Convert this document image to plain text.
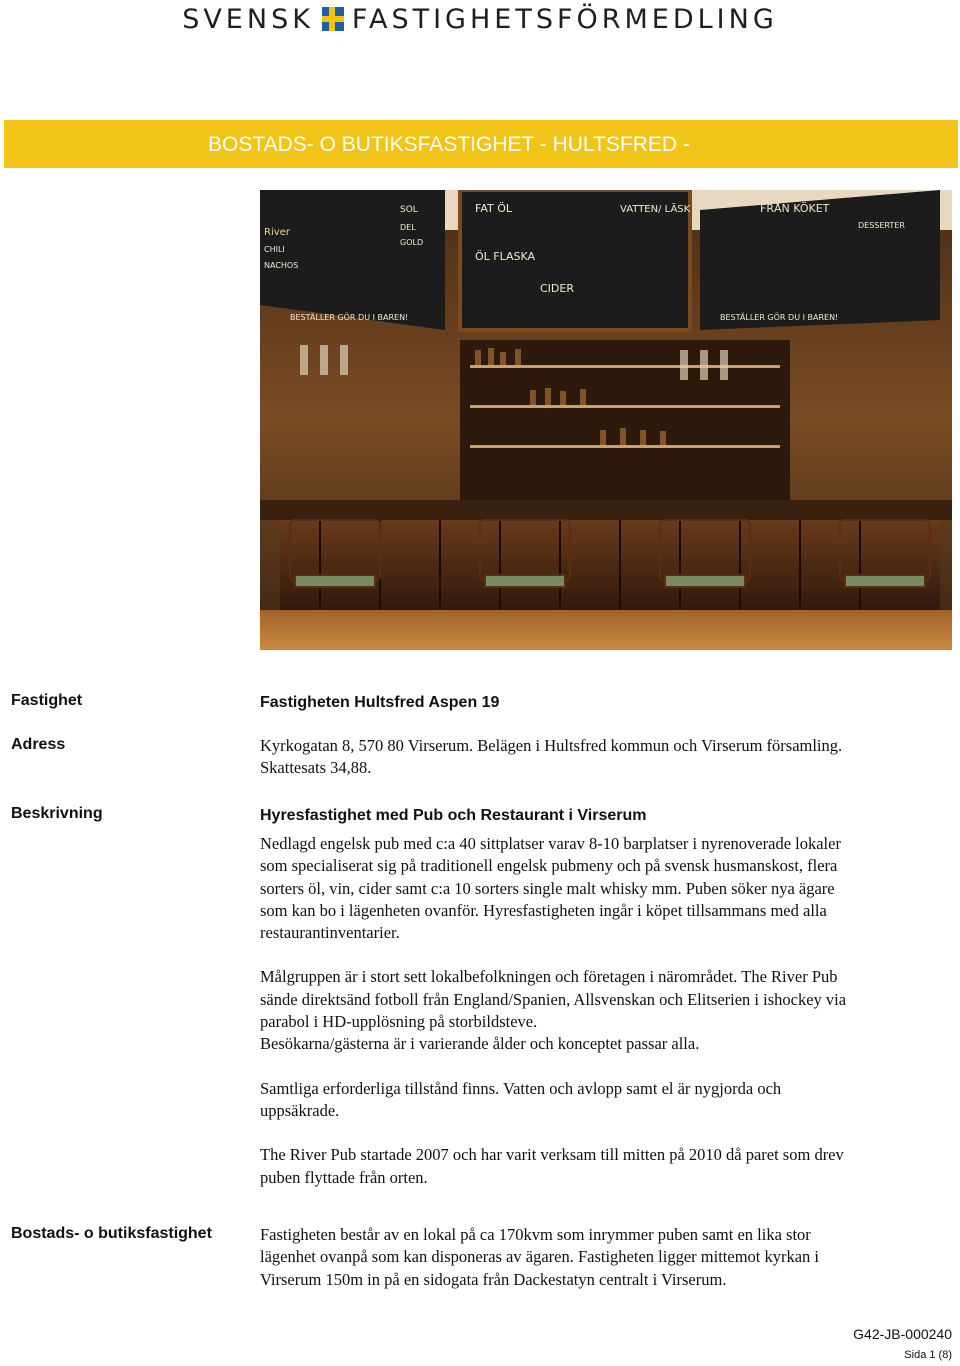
SVENSK FASTIGHETSFÖRMEDLING
BOSTADS- O BUTIKSFASTIGHET - HULTSFRED -
SOL
River
CHILI
NACHOS
DEL
GOLD
BESTÄLLER GÖR DU I BAREN!
FAT ÖL
ÖL FLASKA
CIDER
VATTEN/ LÄSK	FRÅN KÖKET
DESSERTER
BESTÄLLER GÖR DU I BAREN!
Fastighet	Fastigheten Hultsfred Aspen 19
Adress	Kyrkogatan 8, 570 80 Virserum. Belägen i Hultsfred kommun och Virserum församling.

Skattesats 34,88.

Beskrivning	Hyresfastighet med Pub och Restaurant i Virserum

Nedlagd engelsk pub med c:a 40 sittplatser varav 8-10 barplatser i nyrenoverade lokaler

som specialiserat sig på traditionell engelsk pubmeny och på svensk husmanskost, flera

sorters öl, vin, cider samt c:a 10 sorters single malt whisky mm. Puben söker nya ägare

som kan bo i lägenheten ovanför. Hyresfastigheten ingår i köpet tillsammans med alla

restaurantinventarier.

Målgruppen är i stort sett lokalbefolkningen och företagen i närområdet. The River Pub

sände direktsänd fotboll från England/Spanien, Allsvenskan och Elitserien i ishockey via

parabol i HD-upplösning på storbildsteve.

Besökarna/gästerna är i varierande ålder och konceptet passar alla.

Samtliga erforderliga tillstånd finns. Vatten och avlopp samt el är nygjorda och

uppsäkrade.

The River Pub startade 2007 och har varit verksam till mitten på 2010 då paret som drev

puben flyttade från orten.

Bostads- o butiksfastighet	Fastigheten består av en lokal på ca 170kvm som inrymmer puben samt en lika stor

lägenhet ovanpå som kan disponeras av ägaren. Fastigheten ligger mittemot kyrkan i

Virserum 150m in på en sidogata från Dackestatyn centralt i Virserum.

G42-JB-000240
Sida 1 (8)
